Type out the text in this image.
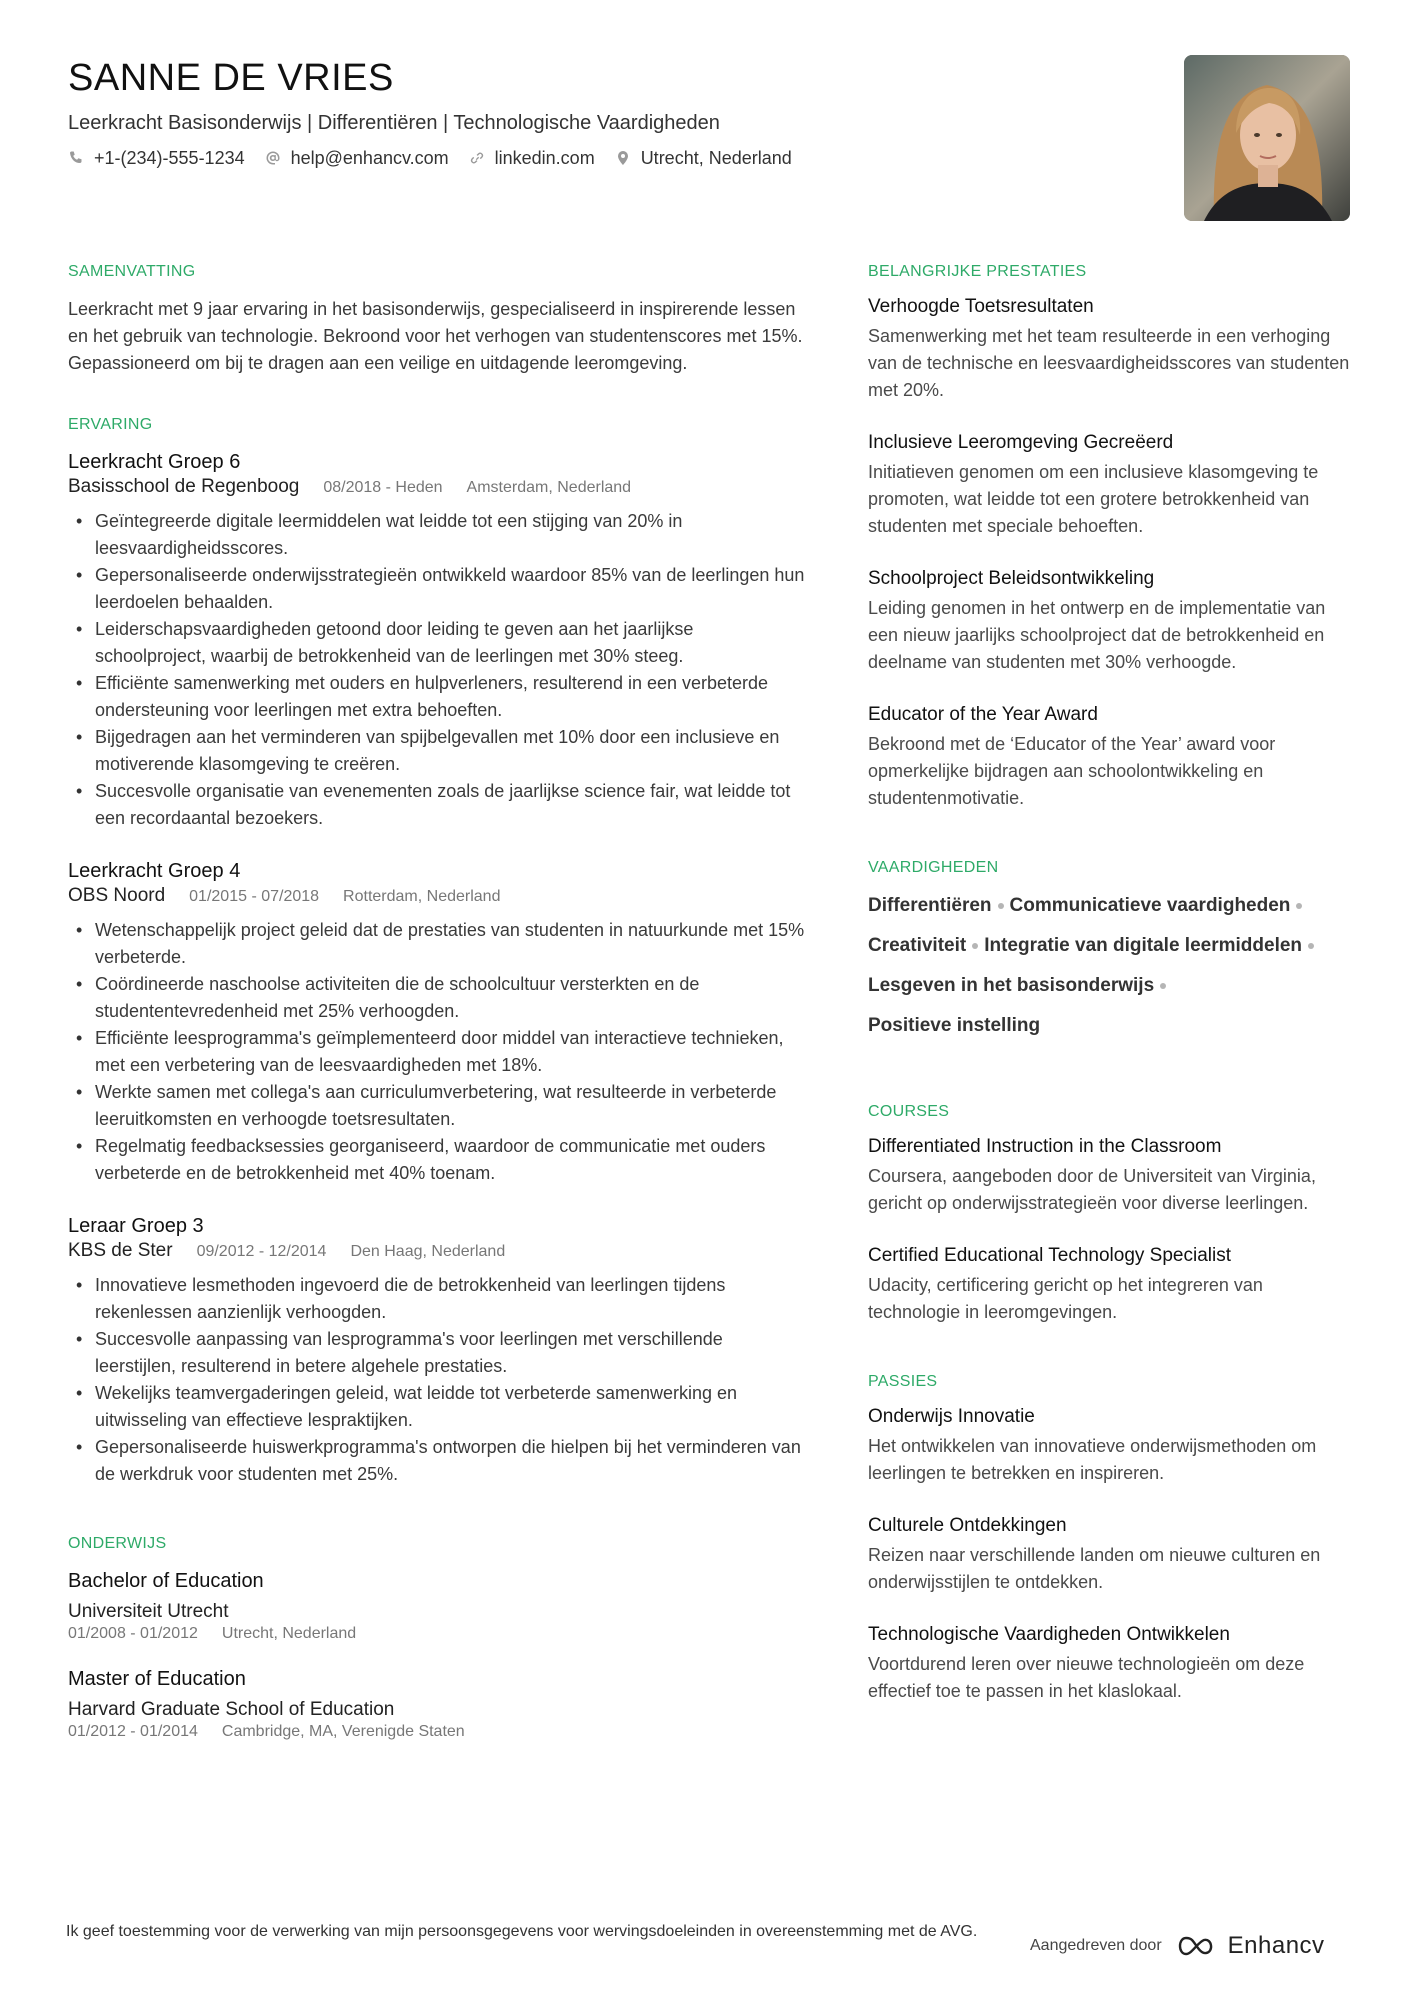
SANNE DE VRIES
Leerkracht Basisonderwijs | Differentiëren | Technologische Vaardigheden
+1-(234)-555-1234	help@enhancv.com	linkedin.com	Utrecht, Nederland
SAMENVATTING
Leerkracht met 9 jaar ervaring in het basisonderwijs, gespecialiseerd in inspirerende lessen en het gebruik van technologie. Bekroond voor het verhogen van studentenscores met 15%. Gepassioneerd om bij te dragen aan een veilige en uitdagende leeromgeving.
ERVARING
Leerkracht Groep 6
Basisschool de Regenboog 08/2018 - Heden Amsterdam, Nederland
• Geïntegreerde digitale leermiddelen wat leidde tot een stijging van 20% in leesvaardigheidsscores.
• Gepersonaliseerde onderwijsstrategieën ontwikkeld waardoor 85% van de leerlingen hun leerdoelen behaalden.
• Leiderschapsvaardigheden getoond door leiding te geven aan het jaarlijkse schoolproject, waarbij de betrokkenheid van de leerlingen met 30% steeg.
• Efficiënte samenwerking met ouders en hulpverleners, resulterend in een verbeterde ondersteuning voor leerlingen met extra behoeften.
• Bijgedragen aan het verminderen van spijbelgevallen met 10% door een inclusieve en motiverende klasomgeving te creëren.
• Succesvolle organisatie van evenementen zoals de jaarlijkse science fair, wat leidde tot een recordaantal bezoekers.
Leerkracht Groep 4
OBS Noord 01/2015 - 07/2018 Rotterdam, Nederland
• Wetenschappelijk project geleid dat de prestaties van studenten in natuurkunde met 15% verbeterde.
• Coördineerde naschoolse activiteiten die de schoolcultuur versterkten en de studententevredenheid met 25% verhoogden.
• Efficiënte leesprogramma's geïmplementeerd door middel van interactieve technieken, met een verbetering van de leesvaardigheden met 18%.
• Werkte samen met collega's aan curriculumverbetering, wat resulteerde in verbeterde leeruitkomsten en verhoogde toetsresultaten.
• Regelmatig feedbacksessies georganiseerd, waardoor de communicatie met ouders verbeterde en de betrokkenheid met 40% toenam.
Leraar Groep 3
KBS de Ster 09/2012 - 12/2014 Den Haag, Nederland
• Innovatieve lesmethoden ingevoerd die de betrokkenheid van leerlingen tijdens rekenlessen aanzienlijk verhoogden.
• Succesvolle aanpassing van lesprogramma's voor leerlingen met verschillende leerstijlen, resulterend in betere algehele prestaties.
• Wekelijks teamvergaderingen geleid, wat leidde tot verbeterde samenwerking en uitwisseling van effectieve lespraktijken.
• Gepersonaliseerde huiswerkprogramma's ontworpen die hielpen bij het verminderen van de werkdruk voor studenten met 25%.
ONDERWIJS
Bachelor of Education
Universiteit Utrecht
01/2008 - 01/2012 Utrecht, Nederland
Master of Education
Harvard Graduate School of Education
01/2012 - 01/2014 Cambridge, MA, Verenigde Staten
BELANGRIJKE PRESTATIES
Verhoogde Toetsresultaten
Samenwerking met het team resulteerde in een verhoging van de technische en leesvaardigheidsscores van studenten met 20%.
Inclusieve Leeromgeving Gecreëerd
Initiatieven genomen om een inclusieve klasomgeving te promoten, wat leidde tot een grotere betrokkenheid van studenten met speciale behoeften.
Schoolproject Beleidsontwikkeling
Leiding genomen in het ontwerp en de implementatie van een nieuw jaarlijks schoolproject dat de betrokkenheid en deelname van studenten met 30% verhoogde.
Educator of the Year Award
Bekroond met de ‘Educator of the Year’ award voor opmerkelijke bijdragen aan schoolontwikkeling en studentenmotivatie.
VAARDIGHEDEN
Differentiëren Communicatieve vaardigheden
Creativiteit Integratie van digitale leermiddelen
Lesgeven in het basisonderwijs
Positieve instelling
COURSES
Differentiated Instruction in the Classroom
Coursera, aangeboden door de Universiteit van Virginia, gericht op onderwijsstrategieën voor diverse leerlingen.
Certified Educational Technology Specialist
Udacity, certificering gericht op het integreren van technologie in leeromgevingen.
PASSIES
Onderwijs Innovatie
Het ontwikkelen van innovatieve onderwijsmethoden om leerlingen te betrekken en inspireren.
Culturele Ontdekkingen
Reizen naar verschillende landen om nieuwe culturen en onderwijsstijlen te ontdekken.
Technologische Vaardigheden Ontwikkelen
Voortdurend leren over nieuwe technologieën om deze effectief toe te passen in het klaslokaal.
Ik geef toestemming voor de verwerking van mijn persoonsgegevens voor wervingsdoeleinden in overeenstemming met de AVG.
Aangedreven door	Enhancv
